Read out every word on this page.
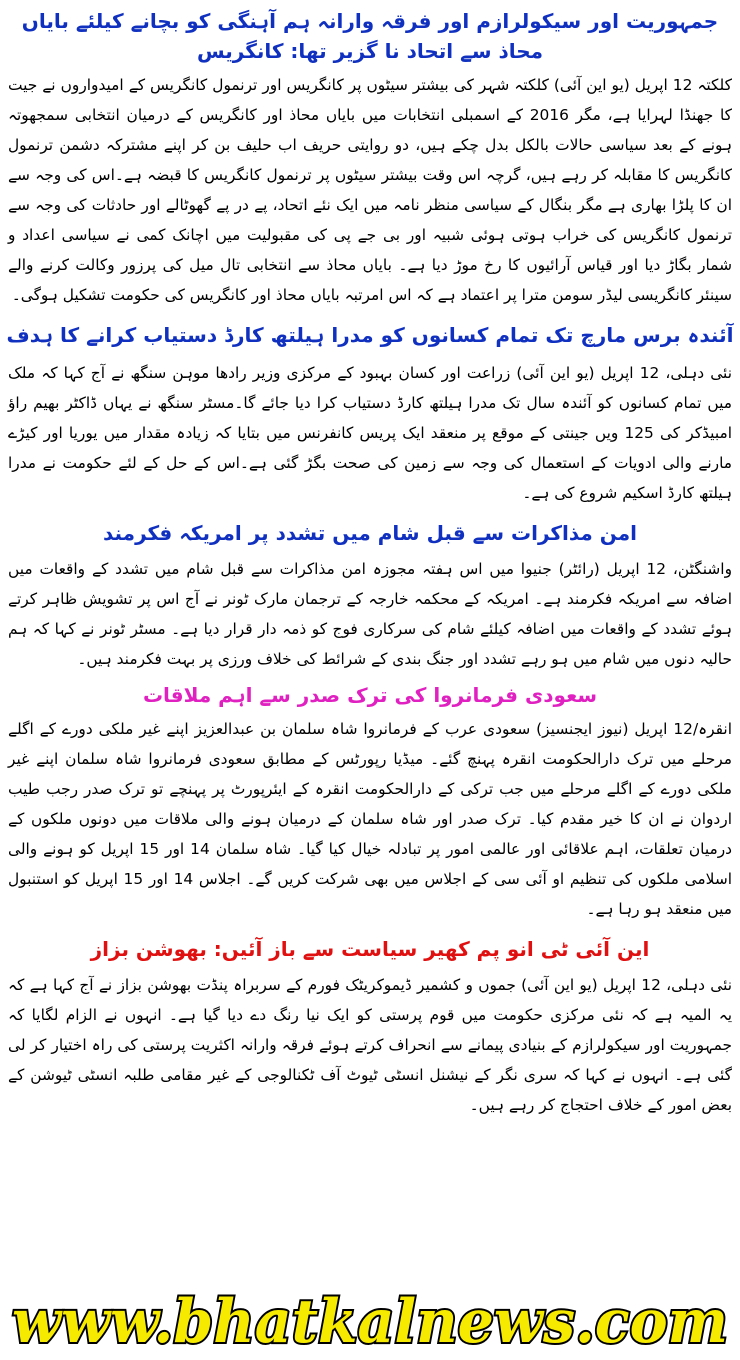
جمہوریت اور سیکولرازم اور فرقہ وارانہ ہم آہنگی کو بچانے کیلئے بایاں محاذ سے اتحاد نا گزیر تھا: کانگریس

کلکتہ 12 اپریل (یو این آئی) کلکتہ شہر کی بیشتر سیٹوں پر کانگریس اور ترنمول کانگریس کے امیدواروں نے جیت کا جھنڈا لہرایا ہے، مگر 2016 کے اسمبلی انتخابات میں بایاں محاذ اور کانگریس کے درمیان انتخابی سمجھوتہ ہونے کے بعد سیاسی حالات بالکل بدل چکے ہیں، دو روایتی حریف اب حلیف بن کر اپنے مشترکہ دشمن ترنمول کانگریس کا مقابلہ کر رہے ہیں، گرچہ اس وقت بیشتر سیٹوں پر ترنمول کانگریس کا قبضہ ہے۔اس کی وجہ سے ان کا پلڑا بھاری ہے مگر بنگال کے سیاسی منظر نامہ میں ایک نئے اتحاد، پے در پے گھوٹالے اور حادثات کی وجہ سے ترنمول کانگریس کی خراب ہوتی ہوئی شبیہ اور بی جے پی کی مقبولیت میں اچانک کمی نے سیاسی اعداد و شمار بگاڑ دیا اور قیاس آرائیوں کا رخ موڑ دیا ہے۔ بایاں محاذ سے انتخابی تال میل کی پرزور وکالت کرنے والے سینئر کانگریسی لیڈر سومن مترا پر اعتماد ہے کہ اس امرتبہ بایاں محاذ اور کانگریس کی حکومت تشکیل ہوگی۔

آئندہ برس مارچ تک تمام کسانوں کو مدرا ہیلتھ کارڈ دستیاب کرانے کا ہدف

نئی دہلی، 12 اپریل (یو این آئی) زراعت اور کسان بہبود کے مرکزی وزیر رادھا موہن سنگھ نے آج کہا کہ ملک میں تمام کسانوں کو آئندہ سال تک مدرا ہیلتھ کارڈ دستیاب کرا دیا جائے گا۔مسٹر سنگھ نے یہاں ڈاکٹر بھیم راؤ امبیڈکر کی 125 ویں جینتی کے موقع پر منعقد ایک پریس کانفرنس میں بتایا کہ زیادہ مقدار میں یوریا اور کیڑے مارنے والی ادویات کے استعمال کی وجہ سے زمین کی صحت بگڑ گئی ہے۔اس کے حل کے لئے حکومت نے مدرا ہیلتھ کارڈ اسکیم شروع کی ہے۔

امن مذاکرات سے قبل شام میں تشدد پر امریکہ فکرمند

واشنگٹن، 12 اپریل (رائٹر) جنیوا میں اس ہفتہ مجوزہ امن مذاکرات سے قبل شام میں تشدد کے واقعات میں اضافہ سے امریکہ فکرمند ہے۔ امریکہ کے محکمہ خارجہ کے ترجمان مارک ٹونر نے آج اس پر تشویش ظاہر کرتے ہوئے تشدد کے واقعات میں اضافہ کیلئے شام کی سرکاری فوج کو ذمہ دار قرار دیا ہے۔ مسٹر ٹونر نے کہا کہ ہم حالیہ دنوں میں شام میں ہو رہے تشدد اور جنگ بندی کے شرائط کی خلاف ورزی پر بہت فکرمند ہیں۔

سعودی فرمانروا کی ترک صدر سے اہم ملاقات

انقرہ/12 اپریل (نیوز ایجنسیز) سعودی عرب کے فرمانروا شاہ سلمان بن عبدالعزیز اپنے غیر ملکی دورے کے اگلے مرحلے میں ترک دارالحکومت انقرہ پہنچ گئے۔ میڈیا رپورٹس کے مطابق سعودی فرمانروا شاہ سلمان اپنے غیر ملکی دورے کے اگلے مرحلے میں جب ترکی کے دارالحکومت انقرہ کے ایئرپورٹ پر پہنچے تو ترک صدر رجب طیب اردوان نے ان کا خیر مقدم کیا۔ ترک صدر اور شاہ سلمان کے درمیان ہونے والی ملاقات میں دونوں ملکوں کے درمیان تعلقات، اہم علاقائی اور عالمی امور پر تبادلہ خیال کیا گیا۔ شاہ سلمان 14 اور 15 اپریل کو ہونے والی اسلامی ملکوں کی تنظیم او آئی سی کے اجلاس میں بھی شرکت کریں گے۔ اجلاس 14 اور 15 اپریل کو استنبول میں منعقد ہو رہا ہے۔

این آئی ٹی انو پم کھیر سیاست سے باز آئیں: بھوشن بزاز

نئی دہلی، 12 اپریل (یو این آئی) جموں و کشمیر ڈیموکریٹک فورم کے سربراہ پنڈت بھوشن بزاز نے آج کہا ہے کہ یہ المیہ ہے کہ نئی مرکزی حکومت میں قوم پرستی کو ایک نیا رنگ دے دیا گیا ہے۔ انہوں نے الزام لگایا کہ جمہوریت اور سیکولرازم کے بنیادی پیمانے سے انحراف کرتے ہوئے فرقہ وارانہ اکثریت پرستی کی راہ اختیار کر لی گئی ہے۔ انہوں نے کہا کہ سری نگر کے نیشنل انسٹی ٹیوٹ آف ٹکنالوجی کے غیر مقامی طلبہ انسٹی ٹیوشن کے بعض امور کے خلاف احتجاج کر رہے ہیں۔

www.bhatkalnews.com
